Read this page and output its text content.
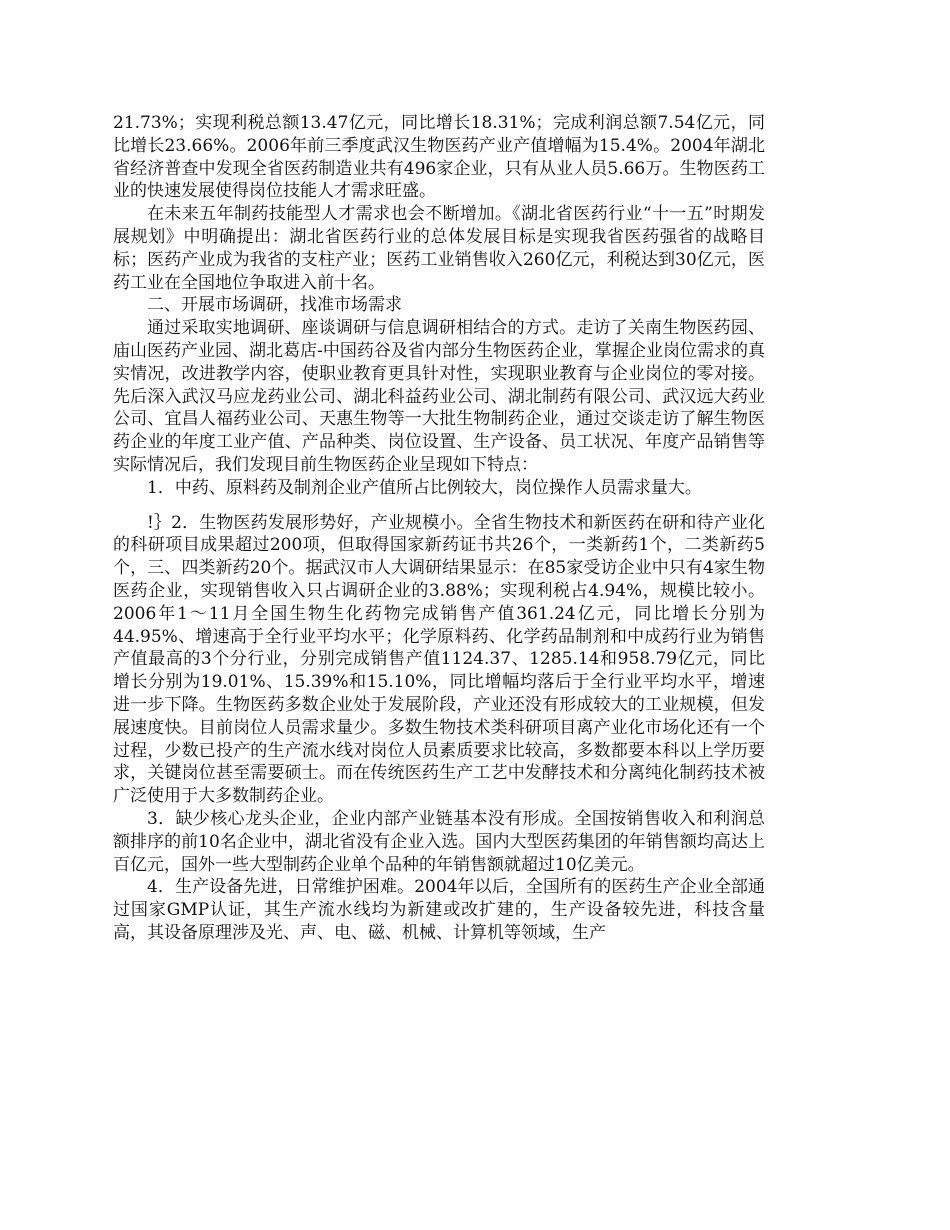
21.73%；实现利税总额13.47亿元，同比增长18.31%；完成利润总额7.54亿元，同比增长23.66%。2006年前三季度武汉生物医药产业产值增幅为15.4%。2004年湖北省经济普查中发现全省医药制造业共有496家企业，只有从业人员5.66万。生物医药工业的快速发展使得岗位技能人才需求旺盛。

在未来五年制药技能型人才需求也会不断增加。《湖北省医药行业“十一五”时期发展规划》中明确提出：湖北省医药行业的总体发展目标是实现我省医药强省的战略目标；医药产业成为我省的支柱产业；医药工业销售收入260亿元，利税达到30亿元，医药工业在全国地位争取进入前十名。

二、开展市场调研，找准市场需求

通过采取实地调研、座谈调研与信息调研相结合的方式。走访了关南生物医药园、庙山医药产业园、湖北葛店-中国药谷及省内部分生物医药企业，掌握企业岗位需求的真实情况，改进教学内容，使职业教育更具针对性，实现职业教育与企业岗位的零对接。先后深入武汉马应龙药业公司、湖北科益药业公司、湖北制药有限公司、武汉远大药业公司、宜昌人福药业公司、天惠生物等一大批生物制药企业，通过交谈走访了解生物医药企业的年度工业产值、产品种类、岗位设置、生产设备、员工状况、年度产品销售等实际情况后，我们发现目前生物医药企业呈现如下特点：

1．中药、原料药及制剂企业产值所占比例较大，岗位操作人员需求量大。

!｝2．生物医药发展形势好，产业规模小。全省生物技术和新医药在研和待产业化的科研项目成果超过200项，但取得国家新药证书共26个，一类新药1个，二类新药5个，三、四类新药20个。据武汉市人大调研结果显示：在85家受访企业中只有4家生物医药企业，实现销售收入只占调研企业的3.88%；实现利税占4.94%，规模比较小。2006年1～11月全国生物生化药物完成销售产值361.24亿元，同比增长分别为44.95%、增速高于全行业平均水平；化学原料药、化学药品制剂和中成药行业为销售产值最高的3个分行业，分别完成销售产值1124.37、1285.14和958.79亿元，同比增长分别为19.01%、15.39%和15.10%，同比增幅均落后于全行业平均水平，增速进一步下降。生物医药多数企业处于发展阶段，产业还没有形成较大的工业规模，但发展速度快。目前岗位人员需求量少。多数生物技术类科研项目离产业化市场化还有一个过程，少数已投产的生产流水线对岗位人员素质要求比较高，多数都要本科以上学历要求，关键岗位甚至需要硕士。而在传统医药生产工艺中发酵技术和分离纯化制药技术被广泛使用于大多数制药企业。

3．缺少核心龙头企业，企业内部产业链基本没有形成。全国按销售收入和利润总额排序的前10名企业中，湖北省没有企业入选。国内大型医药集团的年销售额均高达上百亿元，国外一些大型制药企业单个品种的年销售额就超过10亿美元。

4．生产设备先进，日常维护困难。2004年以后，全国所有的医药生产企业全部通过国家GMP认证，其生产流水线均为新建或改扩建的，生产设备较先进，科技含量高，其设备原理涉及光、声、电、磁、机械、计算机等领域，生产
